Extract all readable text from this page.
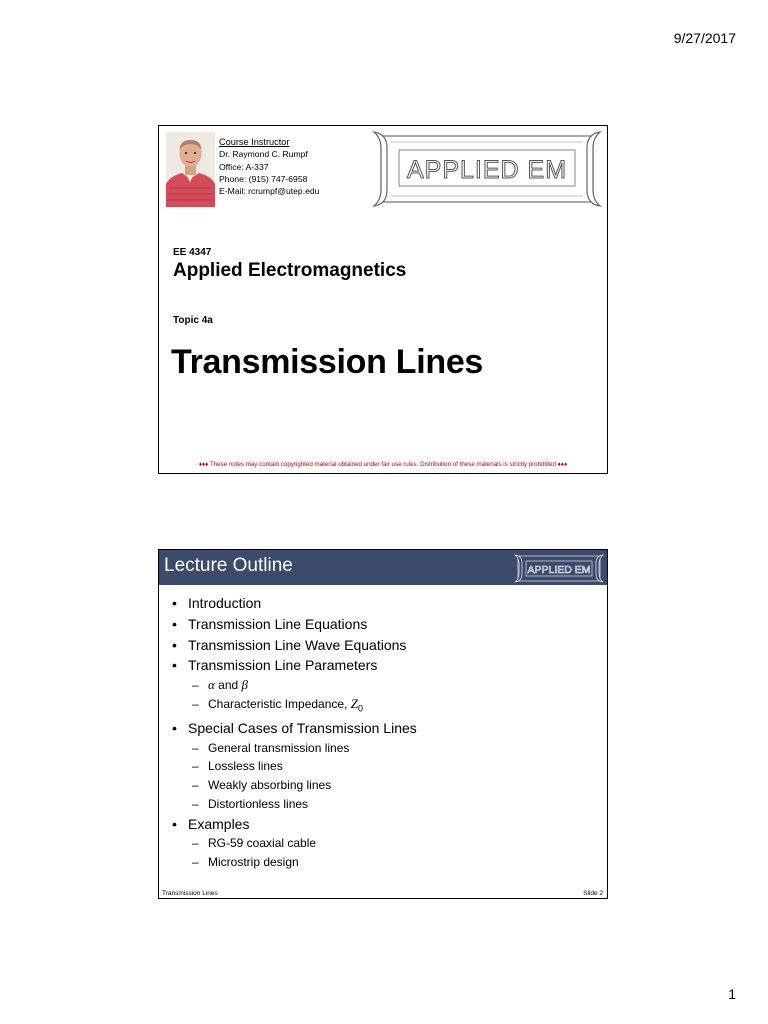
9/27/2017
Course Instructor
Dr. Raymond C. Rumpf
Office: A-337
Phone: (915) 747-6958
E-Mail: rcrumpf@utep.edu
APPLIED EM
EE 4347
Applied Electromagnetics
Topic 4a
Transmission Lines
♦♦♦ These notes may contain copyrighted material obtained under fair use rules. Distribution of these materials is strictly prohibited ♦♦♦
Lecture Outline	APPLIED EM
• Introduction
• Transmission Line Equations
• Transmission Line Wave Equations
• Transmission Line Parameters
– α and β
– Characteristic Impedance, $Z_0$
• Special Cases of Transmission Lines
– General transmission lines
– Lossless lines
– Weakly absorbing lines
– Distortionless lines
• Examples
– RG-59 coaxial cable
– Microstrip design
Transmission Lines	Slide 2
1
